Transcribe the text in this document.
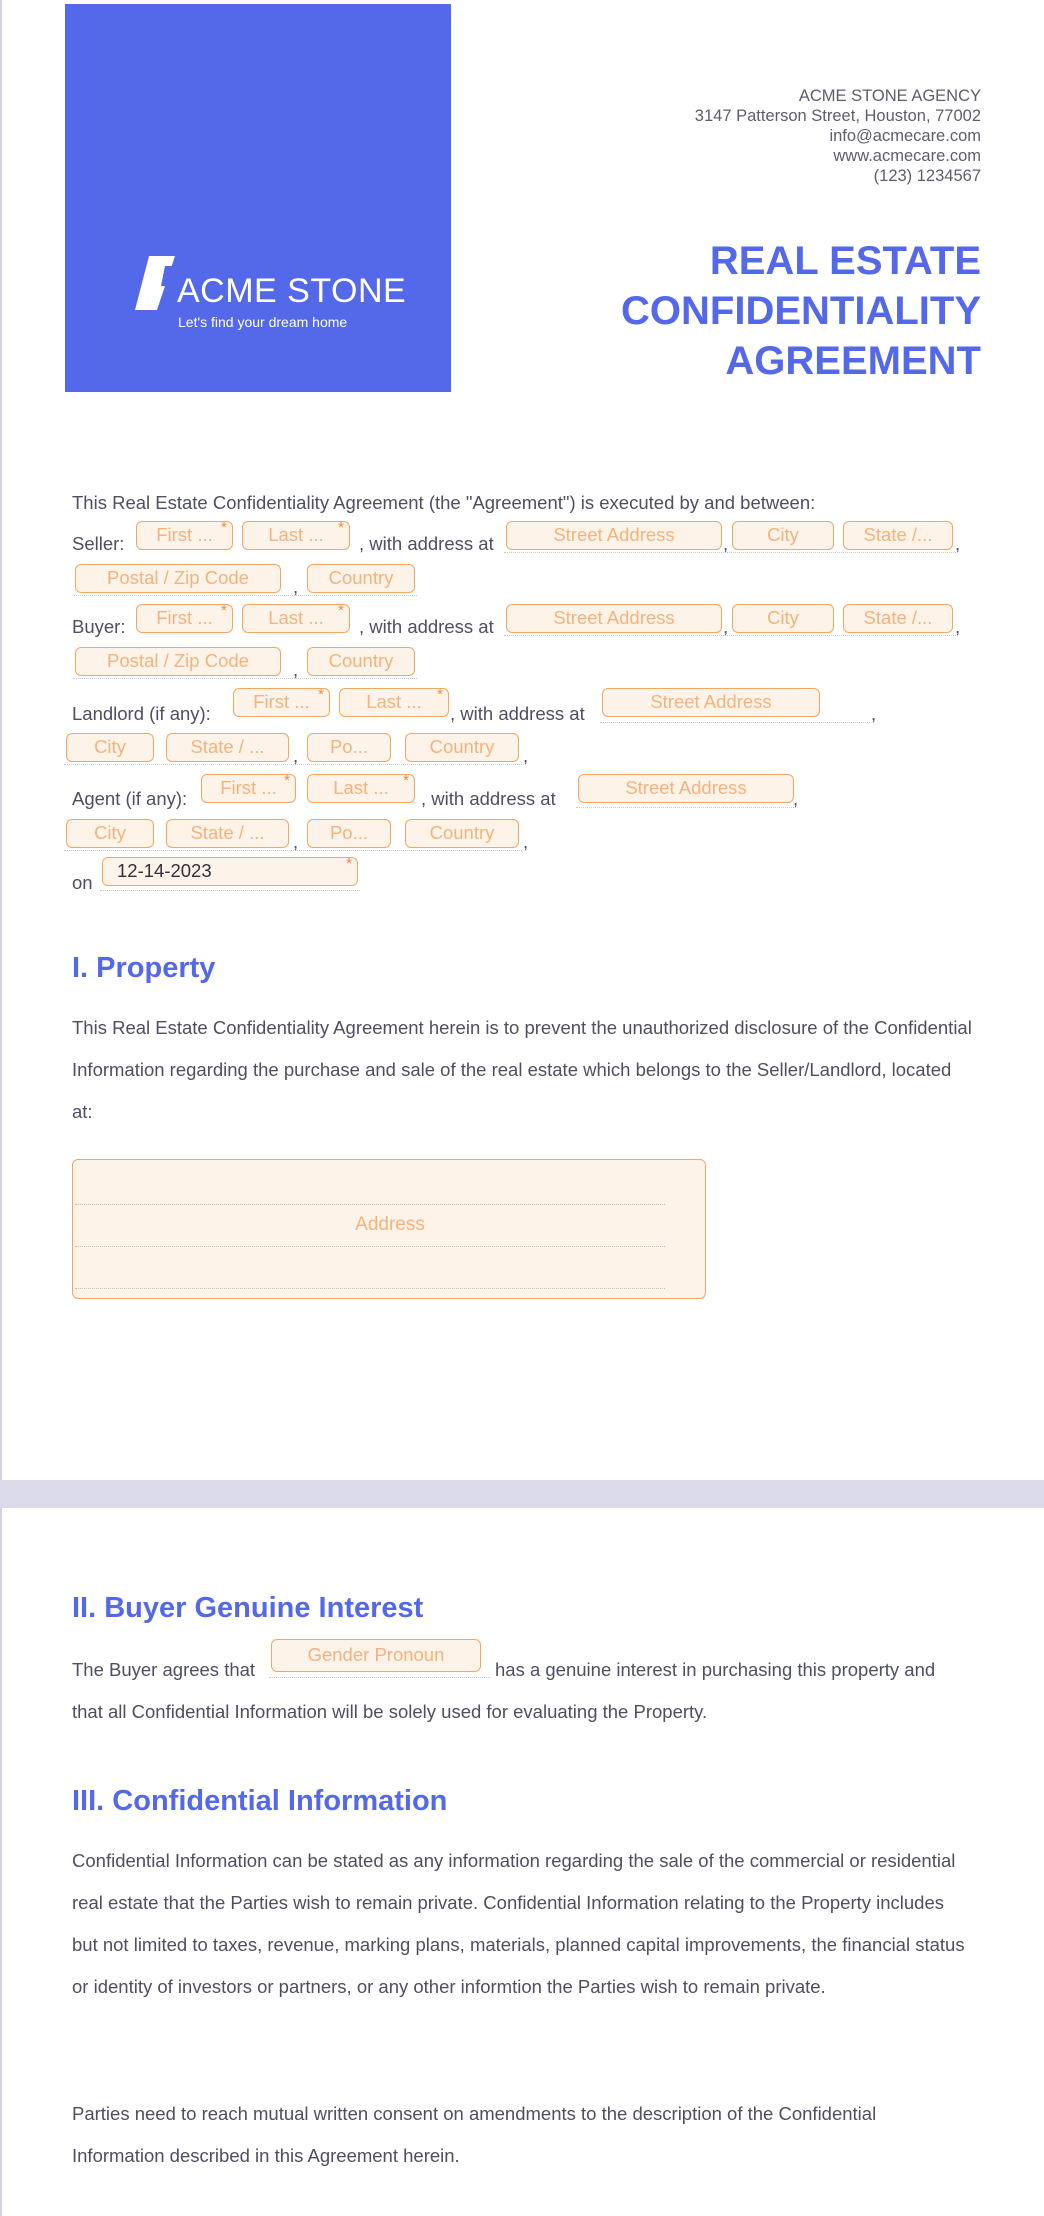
ACME STONE
Let's find your dream home
ACME STONE AGENCY
3147 Patterson Street, Houston, 77002
info@acmecare.com
www.acmecare.com
(123) 1234567
REAL ESTATE
CONFIDENTIALITY
AGREEMENT
This Real Estate Confidentiality Agreement (the "Agreement") is executed by and between:
Seller:	First ... *	Last ... *
, with address at	Street Address	,	City	State /...	,
Postal / Zip Code	,	Country
Buyer:	First ... *	Last ... *
, with address at	Street Address	,	City	State /...	,
Postal / Zip Code	,	Country
Landlord (if any):
First ... *	Last ... *
, with address at
Street Address
,
City	State / ...	,	Po...	Country	,
Agent (if any):
First ... *	Last ... *
, with address at
Street Address
,
City	State / ...	,	Po...	Country	,
on
12-14-2023	*
I. Property
This Real Estate Confidentiality Agreement herein is to prevent the unauthorized disclosure of the Confidential Information regarding the purchase and sale of the real estate which belongs to the Seller/Landlord, located at:
Address
II. Buyer Genuine Interest
The Buyer agrees that
Gender Pronoun
has a genuine interest in purchasing this property and
that all Confidential Information will be solely used for evaluating the Property.
III. Confidential Information
Confidential Information can be stated as any information regarding the sale of the commercial or residential real estate that the Parties wish to remain private. Confidential Information relating to the Property includes but not limited to taxes, revenue, marking plans, materials, planned capital improvements, the financial status or identity of investors or partners, or any other informtion the Parties wish to remain private.
Parties need to reach mutual written consent on amendments to the description of the Confidential Information described in this Agreement herein.
